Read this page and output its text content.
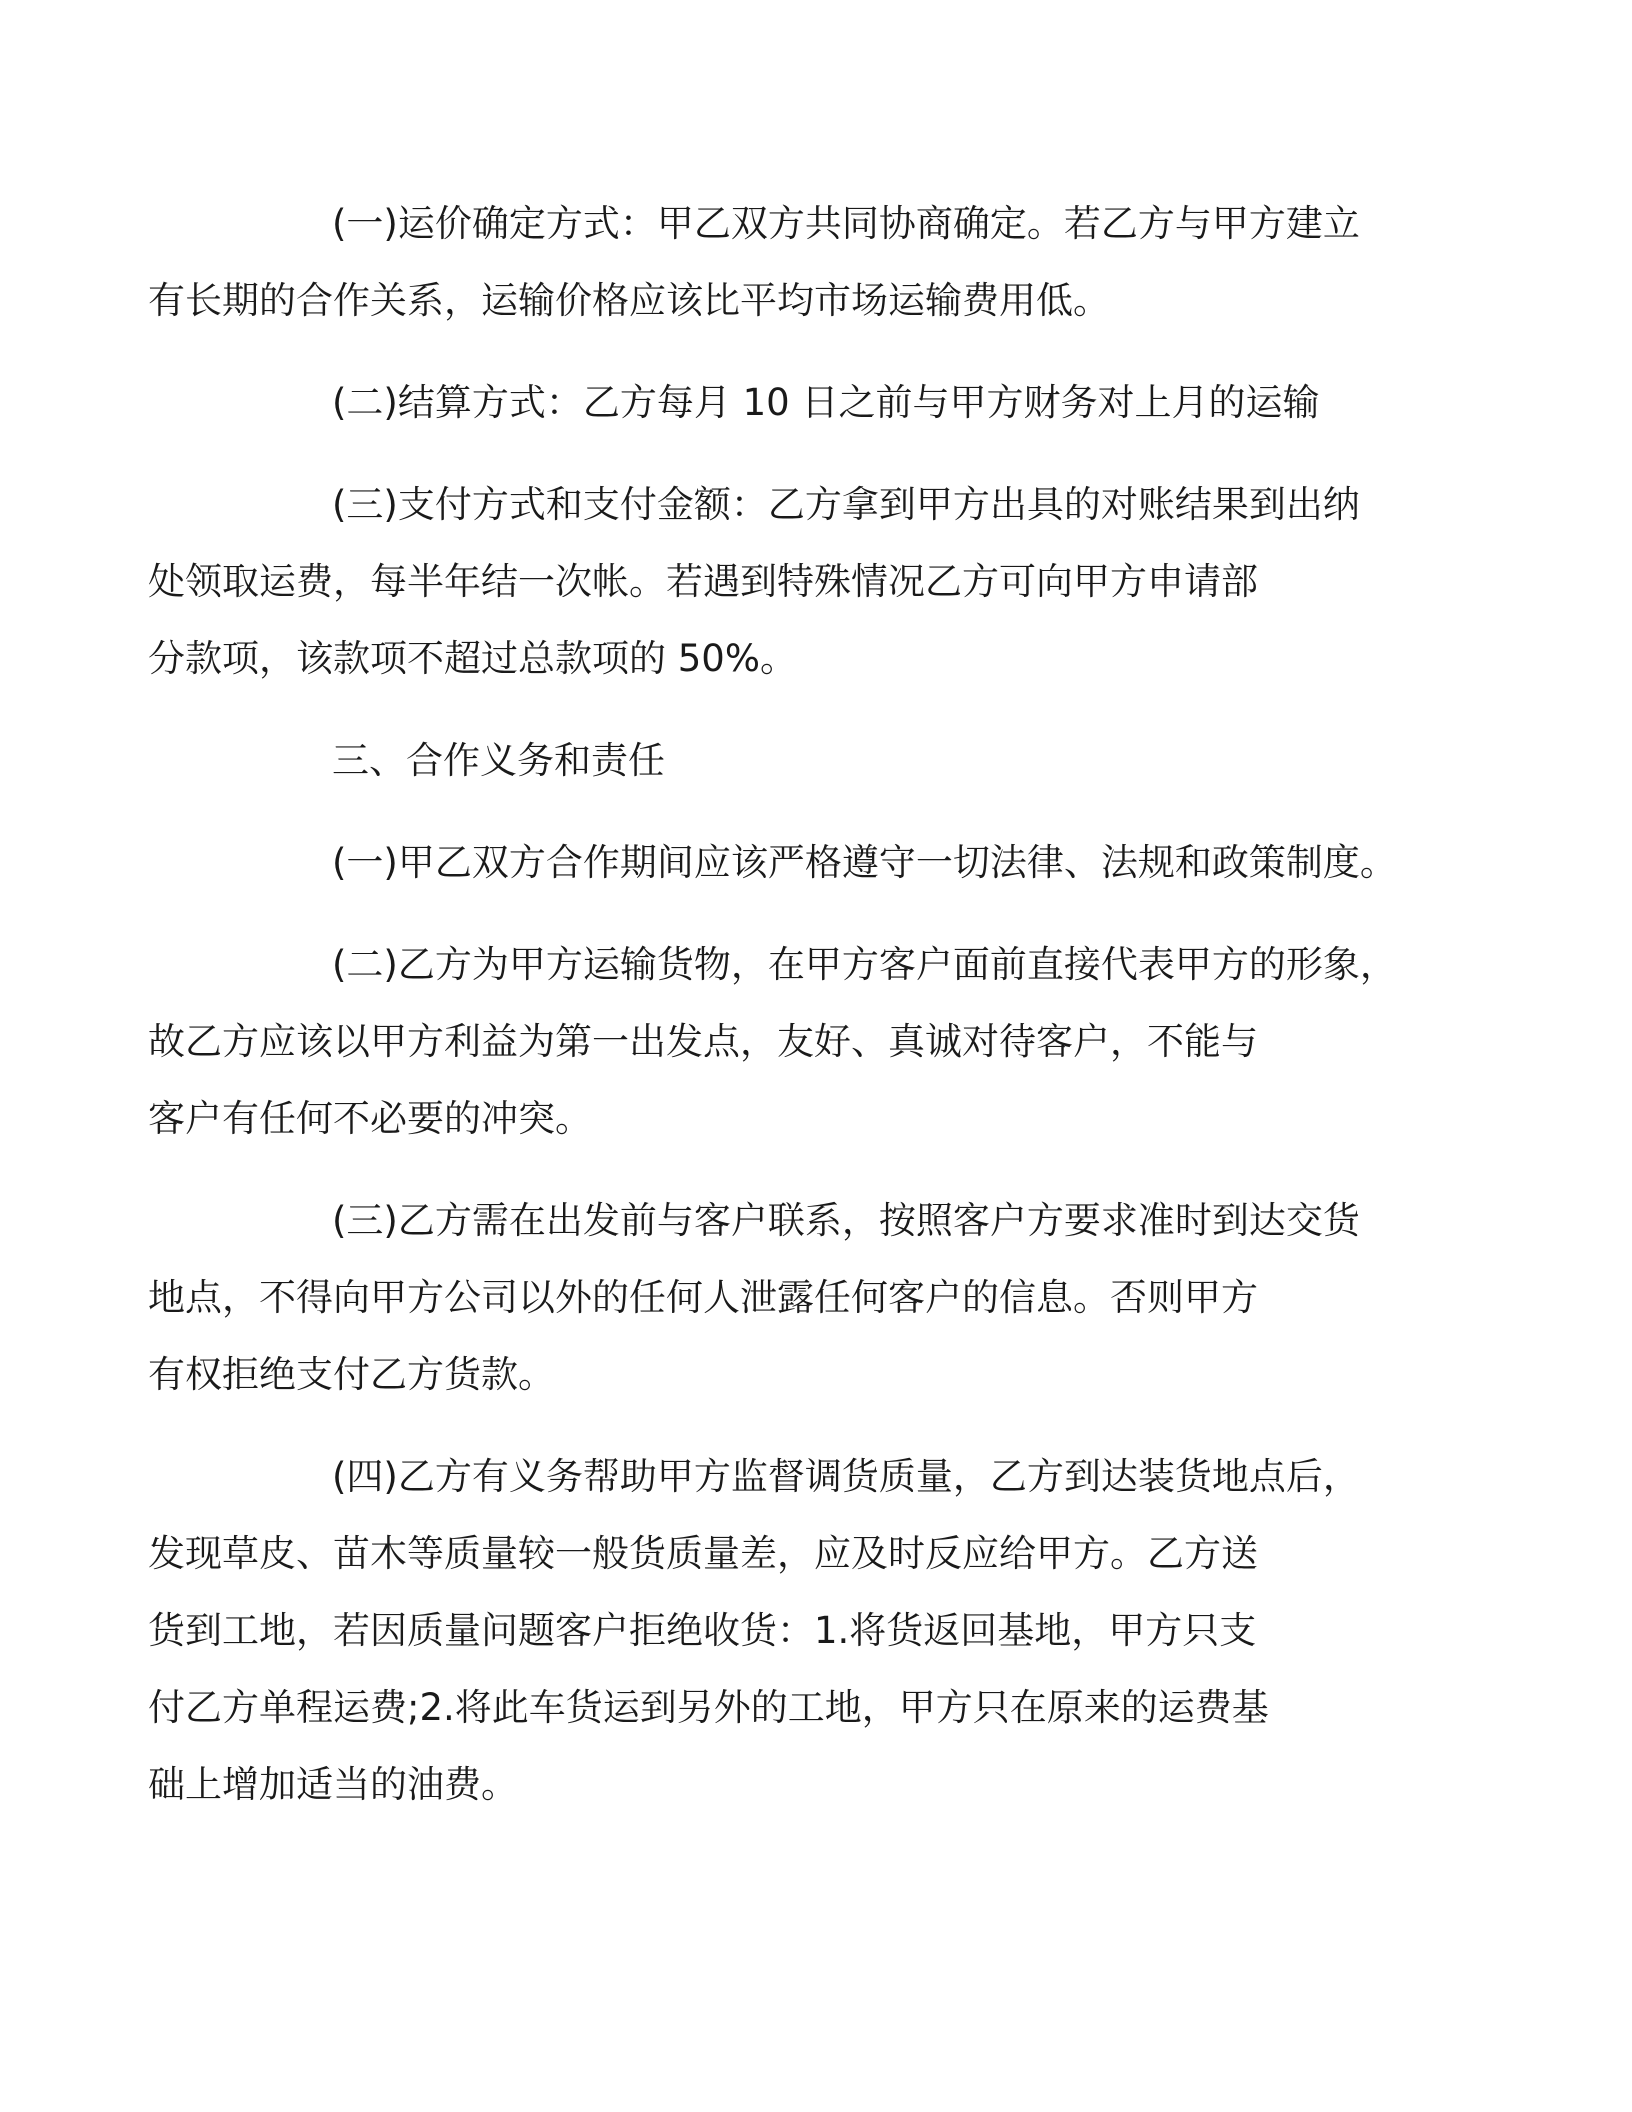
(一)运价确定方式：甲乙双方共同协商确定。若乙方与甲方建立
有长期的合作关系，运输价格应该比平均市场运输费用低。

(二)结算方式：乙方每月 10 日之前与甲方财务对上月的运输

(三)支付方式和支付金额：乙方拿到甲方出具的对账结果到出纳
处领取运费，每半年结一次帐。若遇到特殊情况乙方可向甲方申请部
分款项，该款项不超过总款项的 50%。

三、合作义务和责任

(一)甲乙双方合作期间应该严格遵守一切法律、法规和政策制度。

(二)乙方为甲方运输货物，在甲方客户面前直接代表甲方的形象，
故乙方应该以甲方利益为第一出发点，友好、真诚对待客户，不能与
客户有任何不必要的冲突。

(三)乙方需在出发前与客户联系，按照客户方要求准时到达交货
地点，不得向甲方公司以外的任何人泄露任何客户的信息。否则甲方
有权拒绝支付乙方货款。

(四)乙方有义务帮助甲方监督调货质量，乙方到达装货地点后，
发现草皮、苗木等质量较一般货质量差，应及时反应给甲方。乙方送
货到工地，若因质量问题客户拒绝收货：1.将货返回基地，甲方只支
付乙方单程运费;2.将此车货运到另外的工地，甲方只在原来的运费基
础上增加适当的油费。
